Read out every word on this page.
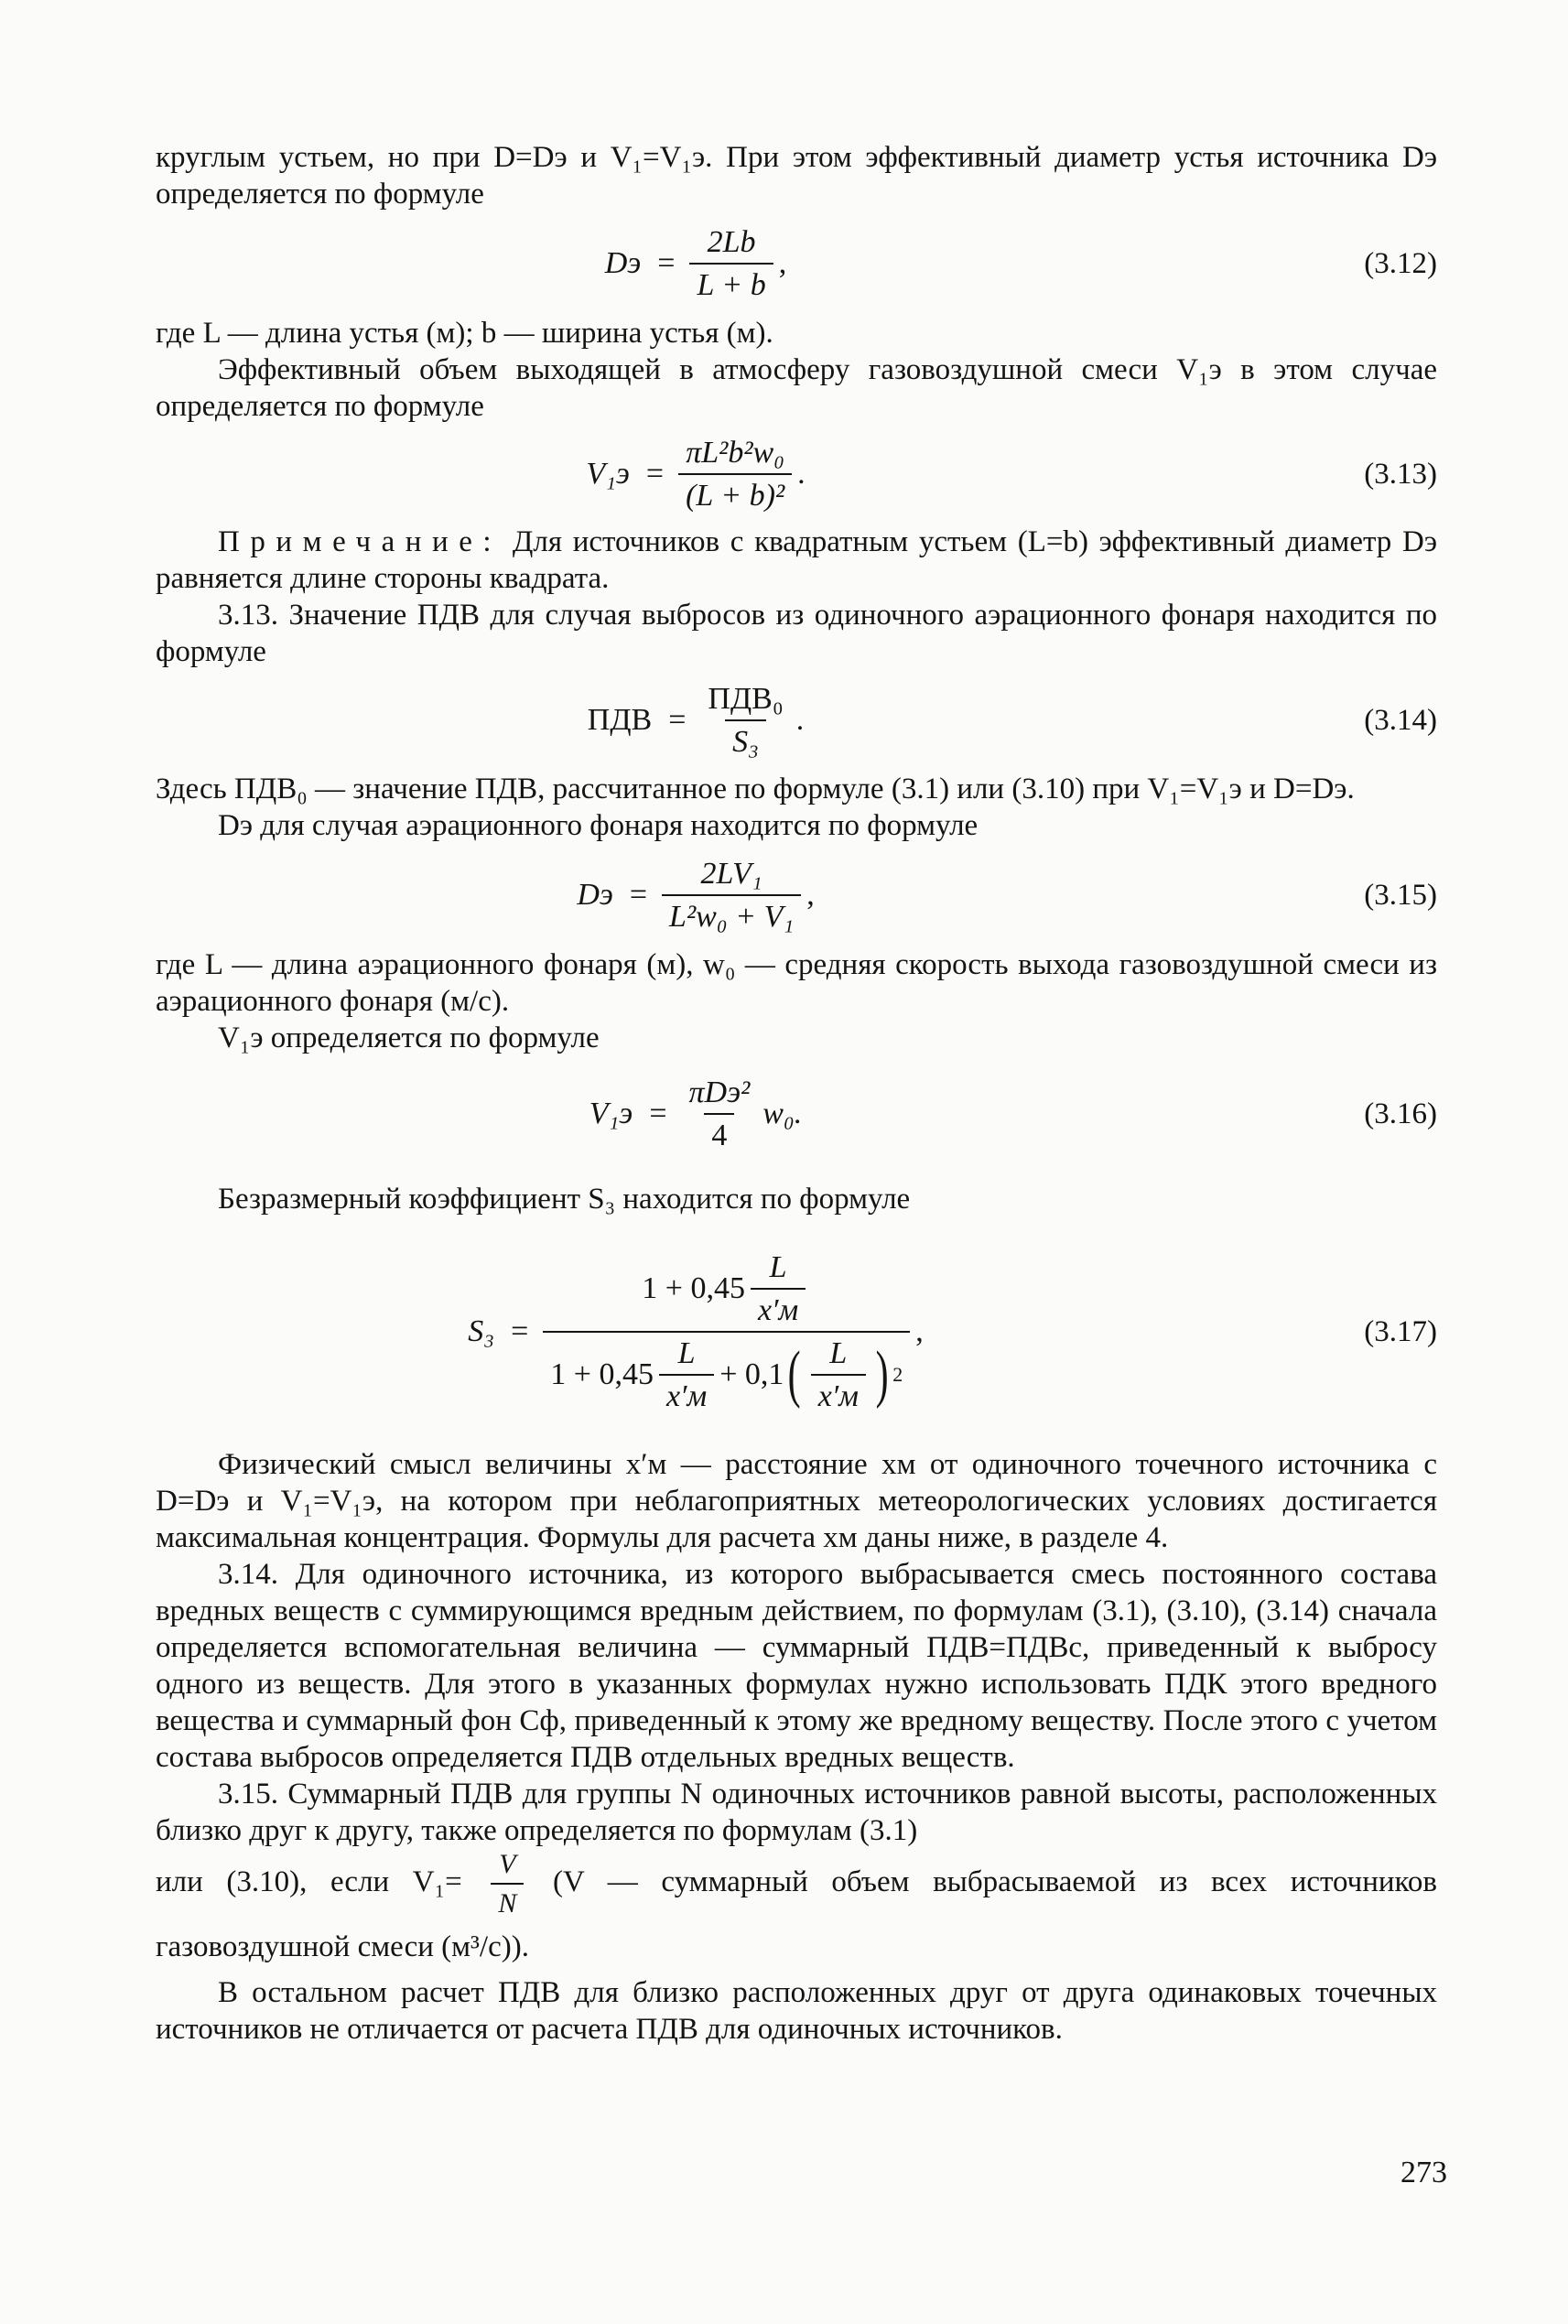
круглым устьем, но при D=Dэ и V₁=V₁э. При этом эффективный диаметр устья источника Dэ определяется по формуле

Dэ = $\frac{2Lb}{L + b}$ ,	(3.12)

где L — длина устья (м); b — ширина устья (м).

Эффективный объем выходящей в атмосферу газовоздушной смеси V₁э в этом случае определяется по формуле

$V_1э = \frac{\text{πL²b²w₀}}{\text{(L + b)²}}$ .	(3.13)

Примечание: Для источников с квадратным устьем (L=b) эффективный диаметр Dэ равняется длине стороны квадрата.

3.13. Значение ПДВ для случая выбросов из одиночного аэрационного фонаря находится по формуле

ПДВ = $\frac{\text{ПДВ₀}}{\text{S₃}}$ .	(3.14)

Здесь ПДВ₀ — значение ПДВ, рассчитанное по формуле (3.1) или (3.10) при V₁=V₁э и D=Dэ.

Dэ для случая аэрационного фонаря находится по формуле

Dэ = $\frac{\text{2LV₁}}{\text{L²w₀ + V₁}}$ ,	(3.15)

где L — длина аэрационного фонаря (м), w₀ — средняя скорость выхода газовоздушной смеси из аэрационного фонаря (м/с).

V₁э определяется по формуле

$V_1э = \frac{\text{πDэ²}}{4} w_0$.	(3.16)

Безразмерный коэффициент S₃ находится по формуле

S₃ =
$1 + 0,45 \frac{L}{x'м}$
$1 + 0,45 \frac{L}{x'м} + 0,1$ ( $\frac{L}{x'м}$ ) 2
,	(3.17)

Физический смысл величины x′м — расстояние xм от одиночного точечного источника с D=Dэ и V₁=V₁э, на котором при неблагоприятных метеорологических условиях достигается максимальная концентрация. Формулы для расчета xм даны ниже, в разделе 4.

3.14. Для одиночного источника, из которого выбрасывается смесь постоянного состава вредных веществ с суммирующимся вредным действием, по формулам (3.1), (3.10), (3.14) сначала определяется вспомогательная величина — суммарный ПДВ=ПДВс, приведенный к выбросу одного из веществ. Для этого в указанных формулах нужно использовать ПДК этого вредного вещества и суммарный фон Cф, приведенный к этому же вредному веществу. После этого с учетом состава выбросов определяется ПДВ отдельных вредных веществ.

3.15. Суммарный ПДВ для группы N одиночных источников равной высоты, расположенных близко друг к другу, также определяется по формулам (3.1)

или (3.10), если $V_1= \frac{V}{N} (V$ — суммарный объем выбрасываемой из всех источников газовоздушной смеси (м³/с)).

В остальном расчет ПДВ для близко расположенных друг от друга одинаковых точечных источников не отличается от расчета ПДВ для одиночных источников.

273
